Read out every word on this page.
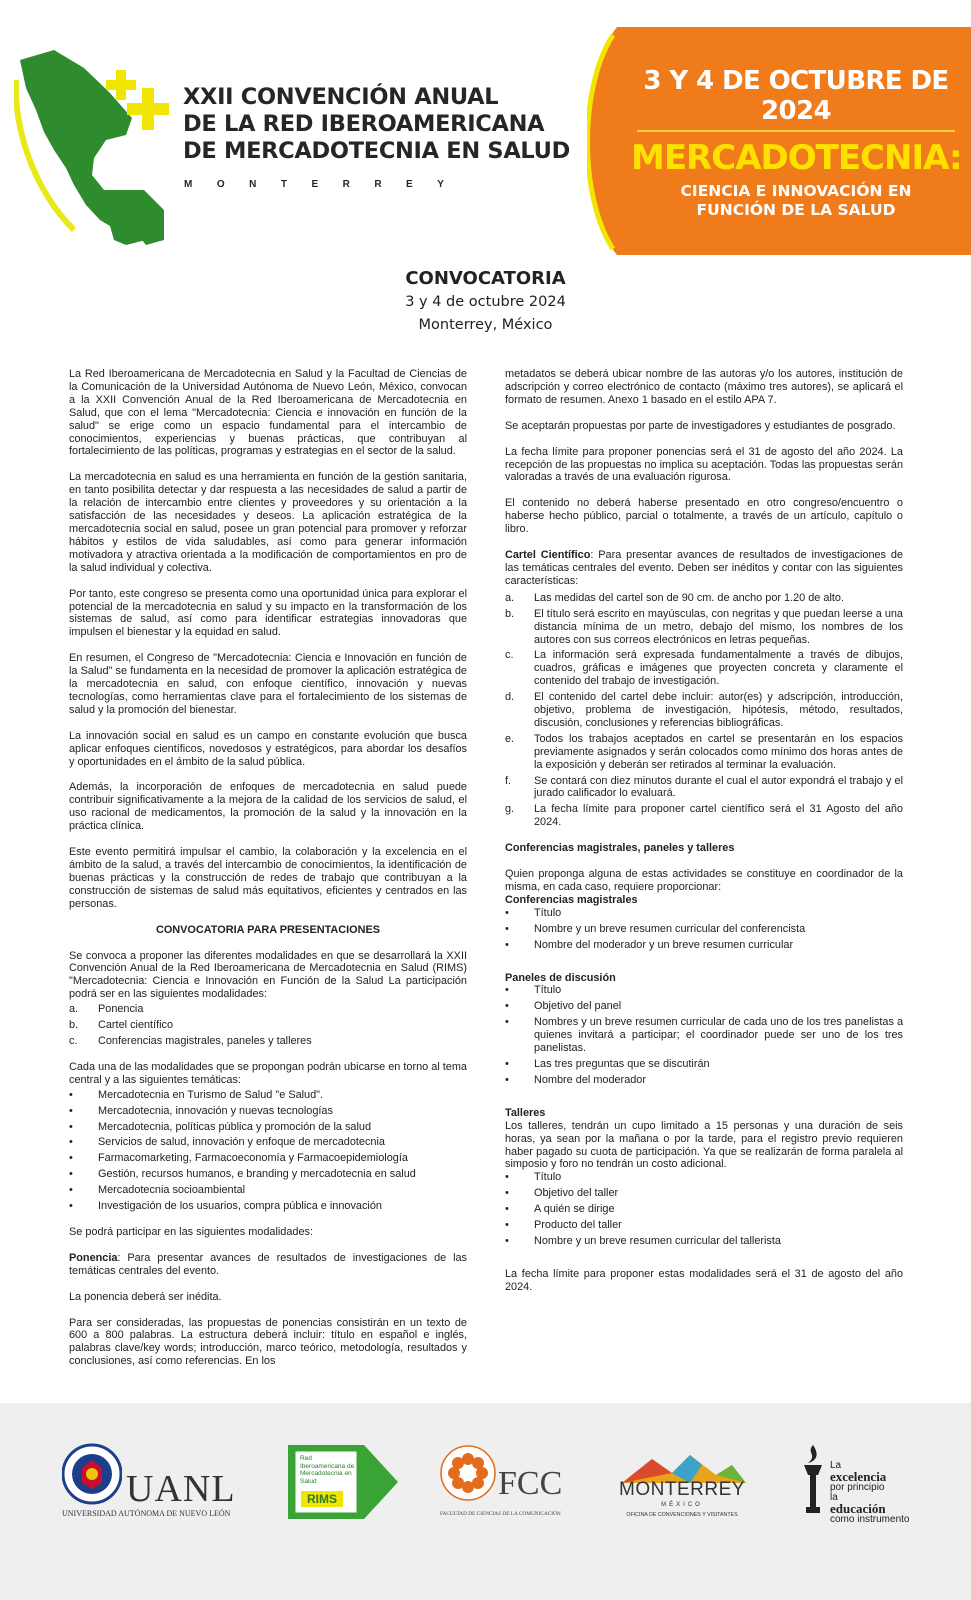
XXII CONVENCIÓN ANUAL
DE LA RED IBEROAMERICANA
DE MERCADOTECNIA EN SALUD
MONTERREY
3 Y 4 DE OCTUBRE DE 2024
MERCADOTECNIA:
CIENCIA E INNOVACIÓN EN
FUNCIÓN DE LA SALUD
CONVOCATORIA
3 y 4 de octubre 2024
Monterrey, México

La Red Iberoamericana de Mercadotecnia en Salud y la Facultad de Ciencias de la Comunicación de la Universidad Autónoma de Nuevo León, México, convocan a la XXII Convención Anual de la Red Iberoamericana de Mercadotecnia en Salud, que con el lema "Mercadotecnia: Ciencia e innovación en función de la salud" se erige como un espacio fundamental para el intercambio de conocimientos, experiencias y buenas prácticas, que contribuyan al fortalecimiento de las políticas, programas y estrategias en el sector de la salud.

La mercadotecnia en salud es una herramienta en función de la gestión sanitaria, en tanto posibilita detectar y dar respuesta a las necesidades de salud a partir de la relación de intercambio entre clientes y proveedores y su orientación a la satisfacción de las necesidades y deseos. La aplicación estratégica de la mercadotecnia social en salud, posee un gran potencial para promover y reforzar hábitos y estilos de vida saludables, así como para generar información motivadora y atractiva orientada a la modificación de comportamientos en pro de la salud individual y colectiva.

Por tanto, este congreso se presenta como una oportunidad única para explorar el potencial de la mercadotecnia en salud y su impacto en la transformación de los sistemas de salud, así como para identificar estrategias innovadoras que impulsen el bienestar y la equidad en salud.

En resumen, el Congreso de "Mercadotecnia: Ciencia e Innovación en función de la Salud" se fundamenta en la necesidad de promover la aplicación estratégica de la mercadotecnia en salud, con enfoque científico, innovación y nuevas tecnologías, como herramientas clave para el fortalecimiento de los sistemas de salud y la promoción del bienestar.

La innovación social en salud es un campo en constante evolución que busca aplicar enfoques científicos, novedosos y estratégicos, para abordar los desafíos y oportunidades en el ámbito de la salud pública.

Además, la incorporación de enfoques de mercadotecnia en salud puede contribuir significativamente a la mejora de la calidad de los servicios de salud, el uso racional de medicamentos, la promoción de la salud y la innovación en la práctica clínica.

Este evento permitirá impulsar el cambio, la colaboración y la excelencia en el ámbito de la salud, a través del intercambio de conocimientos, la identificación de buenas prácticas y la construcción de redes de trabajo que contribuyan a la construcción de sistemas de salud más equitativos, eficientes y centrados en las personas.

CONVOCATORIA PARA PRESENTACIONES

Se convoca a proponer las diferentes modalidades en que se desarrollará la XXII Convención Anual de la Red Iberoamericana de Mercadotecnia en Salud (RIMS) "Mercadotecnia: Ciencia e Innovación en Función de la Salud La participación podrá ser en las siguientes modalidades:

a. Ponencia
b. Cartel científico
c. Conferencias magistrales, paneles y talleres

Cada una de las modalidades que se propongan podrán ubicarse en torno al tema central y a las siguientes temáticas:

• Mercadotecnia en Turismo de Salud "e Salud".
• Mercadotecnia, innovación y nuevas tecnologías
• Mercadotecnia, políticas pública y promoción de la salud
• Servicios de salud, innovación y enfoque de mercadotecnia
• Farmacomarketing, Farmacoeconomía y Farmacoepidemiología
• Gestión, recursos humanos, e branding y mercadotecnia en salud
• Mercadotecnia socioambiental
• Investigación de los usuarios, compra pública e innovación

Se podrá participar en las siguientes modalidades:

Ponencia: Para presentar avances de resultados de investigaciones de las temáticas centrales del evento.

La ponencia deberá ser inédita.

Para ser consideradas, las propuestas de ponencias consistirán en un texto de 600 a 800 palabras. La estructura deberá incluir: título en español e inglés, palabras clave/key words; introducción, marco teórico, metodología, resultados y conclusiones, así como referencias. En los

metadatos se deberá ubicar nombre de las autoras y/o los autores, institución de adscripción y correo electrónico de contacto (máximo tres autores), se aplicará el formato de resumen. Anexo 1 basado en el estilo APA 7.

Se aceptarán propuestas por parte de investigadores y estudiantes de posgrado.

La fecha límite para proponer ponencias será el 31 de agosto del año 2024. La recepción de las propuestas no implica su aceptación. Todas las propuestas serán valoradas a través de una evaluación rigurosa.

El contenido no deberá haberse presentado en otro congreso/encuentro o haberse hecho público, parcial o totalmente, a través de un artículo, capítulo o libro.

Cartel Científico: Para presentar avances de resultados de investigaciones de las temáticas centrales del evento. Deben ser inéditos y contar con las siguientes características:

a. Las medidas del cartel son de 90 cm. de ancho por 1.20 de alto.
b. El título será escrito en mayúsculas, con negritas y que puedan leerse a una distancia mínima de un metro, debajo del mismo, los nombres de los autores con sus correos electrónicos en letras pequeñas.
c. La información será expresada fundamentalmente a través de dibujos, cuadros, gráficas e imágenes que proyecten concreta y claramente el contenido del trabajo de investigación.
d. El contenido del cartel debe incluir: autor(es) y adscripción, introducción, objetivo, problema de investigación, hipótesis, método, resultados, discusión, conclusiones y referencias bibliográficas.
e. Todos los trabajos aceptados en cartel se presentarán en los espacios previamente asignados y serán colocados como mínimo dos horas antes de la exposición y deberán ser retirados al terminar la evaluación.
f. Se contará con diez minutos durante el cual el autor expondrá el trabajo y el jurado calificador lo evaluará.
g. La fecha límite para proponer cartel científico será el 31 Agosto del año 2024.
Conferencias magistrales, paneles y talleres

Quien proponga alguna de estas actividades se constituye en coordinador de la misma, en cada caso, requiere proporcionar:

Conferencias magistrales
• Título
• Nombre y un breve resumen curricular del conferencista
• Nombre del moderador y un breve resumen curricular
Paneles de discusión
• Título
• Objetivo del panel
• Nombres y un breve resumen curricular de cada uno de los tres panelistas a quienes invitará a participar; el coordinador puede ser uno de los tres panelistas.
• Las tres preguntas que se discutirán
• Nombre del moderador
Talleres

Los talleres, tendrán un cupo limitado a 15 personas y una duración de seis horas, ya sean por la mañana o por la tarde, para el registro previo requieren haber pagado su cuota de participación. Ya que se realizarán de forma paralela al simposio y foro no tendrán un costo adicional.

• Título
• Objetivo del taller
• A quién se dirige
• Producto del taller
• Nombre y un breve resumen curricular del tallerista

La fecha límite para proponer estas modalidades será el 31 de agosto del año 2024.

UANL
UNIVERSIDAD AUTÓNOMA DE NUEVO LEÓN
Red
Iberoamericana de
Mercadotecnia en
Salud
RIMS	FCC
FACULTAD DE CIENCIAS DE LA COMUNICACIÓN
MONTERREY
MÉXICO
OFICINA DE CONVENCIONES Y VISITANTES
La
excelencia
por principio
la
educación
como instrumento
